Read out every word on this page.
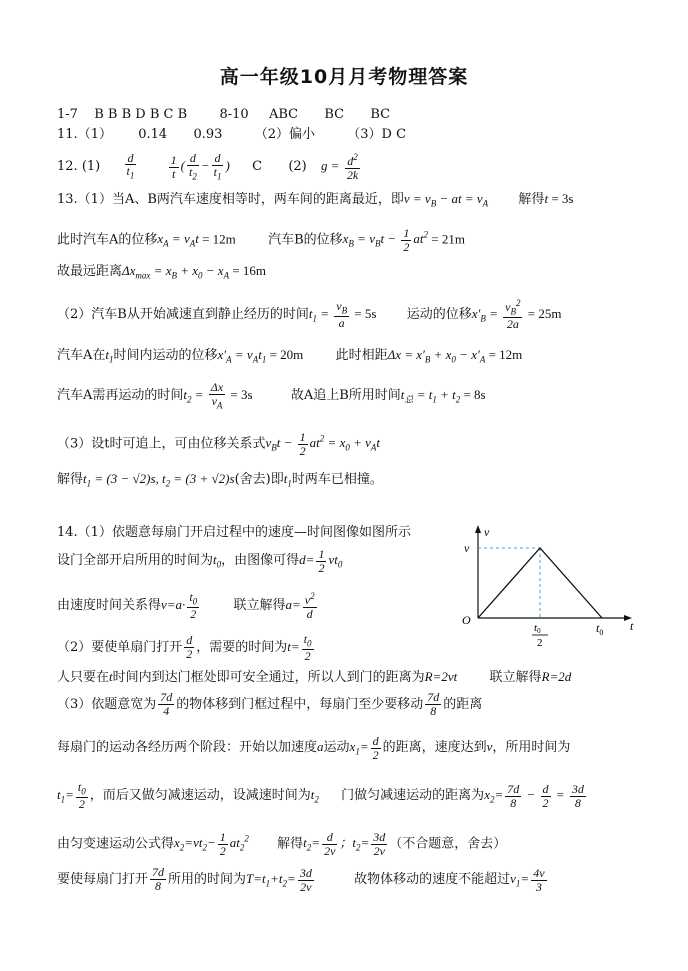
高一年级10月月考物理答案
1-7 B B B D B C B 8-10 ABC BC BC
11.（1） 0.14 0.93 （2）偏小 （3）D C
12. $(1) \frac{d}{t_1}$
	$\frac{1}{t}$ ( $\frac{d}{t_2} - \frac{d}{t_1}$ ) C (2) $g = \frac{d^2}{2k}$
13.（1）当A、B两汽车速度相等时，两车间的距离最近，即$v = v_B$ − at = $v_A$ 解得t = 3s
此时汽车A的位移$x_A = v_At = 12m$ 汽车B的位移$x_B = v_Bt - \frac{1}{2} at^2 = 21m$
故最远距离$\Delta x_{max} = x_B + x_0 - x_A = 16m$
（2）汽车B从开始减速直到静止经历的时间$t_1 = \frac{v_B}{a} = 5s$ 运动的位移$x'_B = \frac{v_B^2}{2a} = 25m$
汽车A在$t_1$时间内运动的位移$x'_A = v_At_1 = 20m$ 此时相距$\Delta x = x'_B + x_0 - x'_A = 12m$
汽车A需再运动的时间$t_2 = \frac{\Delta x}{v_A} = 3s$	故A追上B所用时间$t_总 = t_1 + t_2 = 8s$
（3）设t时可追上，可由位移关系式$v_Bt - \frac{1}{2} at^2 = x_0 + v_At$
解得$t_1 = (3 - √2)s$, $t_2 = (3 + √2)s$(舍去)即$t_1$时两车已相撞。
14.（1）依题意每扇门开启过程中的速度—时间图像如图所示
设门全部开启所用的时间为$t_0$，由图像可得$d= \frac{1}{2} vt_0$
由速度时间关系得$v=a\cdot \frac{t_0}{2}$	联立解得$a= \frac{v^2}{d}$
（2）要使单扇门打开 $\frac{d}{2}$ ，需要的时间为$t= \frac{t_0}{2}$
人只要在t时间内到达门框处即可安全通过，所以人到门的距离为R=2vt 联立解得R=2d
（3）依题意宽为 $\frac{7d}{4}$ 的物体移到门框过程中，每扇门至少要移动 $\frac{7d}{8}$ 的距离
每扇门的运动各经历两个阶段：开始以加速度a运动$x_1= \frac{d}{2}$ 的距离，速度达到v，所用时间为
$t_1= \frac{t_0}{2}$ ，而后又做匀减速运动，设减速时间为$t_2$ 门做匀减速运动的距离为$x_2= \frac{7d}{8} - \frac{d}{2} = \frac{3d}{8}$
由匀变速运动公式得$x_2=vt_2- \frac{1}{2} at_2^2$ 解得$t_2= \frac{d}{2v}$ ；$t_2= \frac{3d}{2v}$ （不合题意，舍去）
要使每扇门打开 $\frac{7d}{8}$ 所用的时间为$T=t_1+t_2= \frac{3d}{2v}$	故物体移动的速度不能超过$v_1= \frac{4v}{3}$
v
v
O	t
$t_0$
t0
2
